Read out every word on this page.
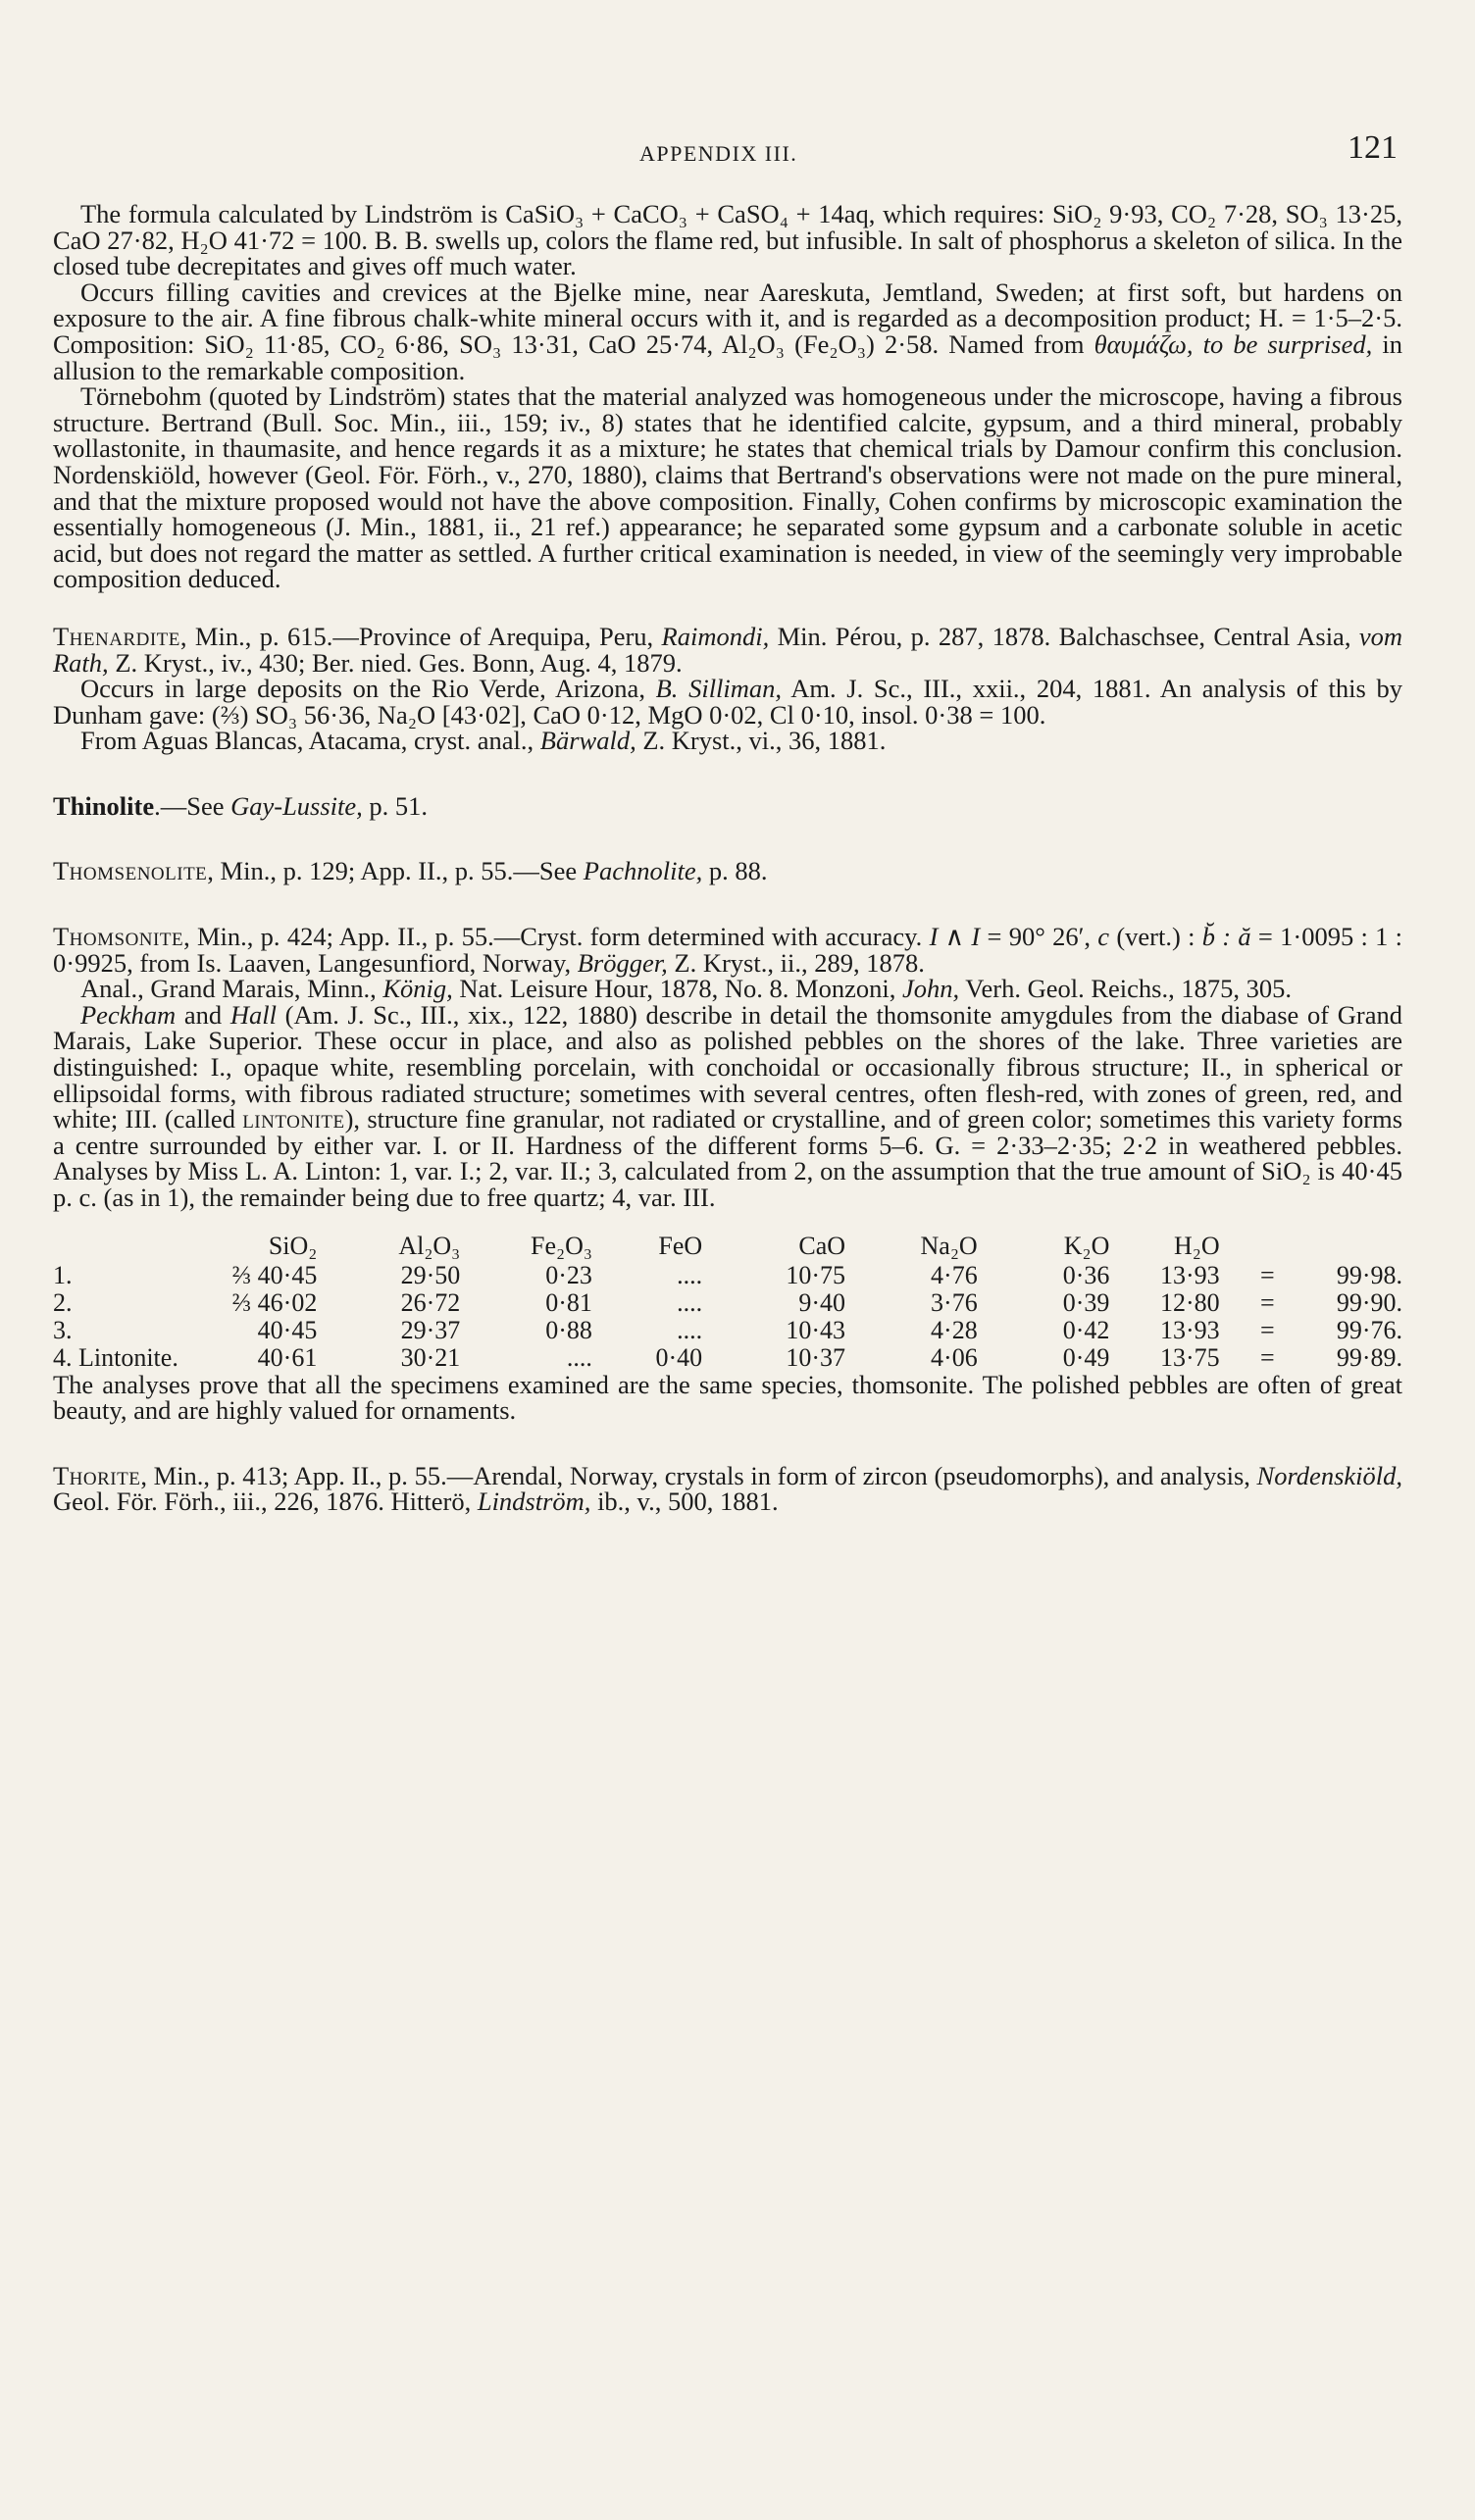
APPENDIX III.	121

The formula calculated by Lindström is CaSiO₃ + CaCO₃ + CaSO₄ + 14aq, which requires: SiO₂ 9·93, CO₂ 7·28, SO₃ 13·25, CaO 27·82, H₂O 41·72 = 100. B. B. swells up, colors the flame red, but infusible. In salt of phosphorus a skeleton of silica. In the closed tube decrepitates and gives off much water.

Occurs filling cavities and crevices at the Bjelke mine, near Aareskuta, Jemtland, Sweden; at first soft, but hardens on exposure to the air. A fine fibrous chalk-white mineral occurs with it, and is regarded as a decomposition product; H. = 1·5–2·5. Composition: SiO₂ 11·85, CO₂ 6·86, SO₃ 13·31, CaO 25·74, Al₂O₃ (Fe₂O₃) 2·58. Named from θαυμάζω, to be surprised, in allusion to the remarkable composition.

Törnebohm (quoted by Lindström) states that the material analyzed was homogeneous under the microscope, having a fibrous structure. Bertrand (Bull. Soc. Min., iii., 159; iv., 8) states that he identified calcite, gypsum, and a third mineral, probably wollastonite, in thaumasite, and hence regards it as a mixture; he states that chemical trials by Damour confirm this conclusion. Nordenskiöld, however (Geol. För. Förh., v., 270, 1880), claims that Bertrand's observations were not made on the pure mineral, and that the mixture proposed would not have the above composition. Finally, Cohen confirms by microscopic examination the essentially homogeneous (J. Min., 1881, ii., 21 ref.) appearance; he separated some gypsum and a carbonate soluble in acetic acid, but does not regard the matter as settled. A further critical examination is needed, in view of the seemingly very improbable composition deduced.

Thenardite, Min., p. 615.—Province of Arequipa, Peru, Raimondi, Min. Pérou, p. 287, 1878. Balchaschsee, Central Asia, vom Rath, Z. Kryst., iv., 430; Ber. nied. Ges. Bonn, Aug. 4, 1879.

Occurs in large deposits on the Rio Verde, Arizona, B. Silliman, Am. J. Sc., III., xxii., 204, 1881. An analysis of this by Dunham gave: (⅔) SO₃ 56·36, Na₂O [43·02], CaO 0·12, MgO 0·02, Cl 0·10, insol. 0·38 = 100.

From Aguas Blancas, Atacama, cryst. anal., Bärwald, Z. Kryst., vi., 36, 1881.

Thinolite.—See Gay-Lussite, p. 51.

Thomsenolite, Min., p. 129; App. II., p. 55.—See Pachnolite, p. 88.

Thomsonite, Min., p. 424; App. II., p. 55.—Cryst. form determined with accuracy. I ∧ I = 90° 26′, c (vert.) : b̆ : ă = 1·0095 : 1 : 0·9925, from Is. Laaven, Langesunfiord, Norway, Brögger, Z. Kryst., ii., 289, 1878.

Anal., Grand Marais, Minn., König, Nat. Leisure Hour, 1878, No. 8. Monzoni, John, Verh. Geol. Reichs., 1875, 305.

Peckham and Hall (Am. J. Sc., III., xix., 122, 1880) describe in detail the thomsonite amygdules from the diabase of Grand Marais, Lake Superior. These occur in place, and also as polished pebbles on the shores of the lake. Three varieties are distinguished: I., opaque white, resembling porcelain, with conchoidal or occasionally fibrous structure; II., in spherical or ellipsoidal forms, with fibrous radiated structure; sometimes with several centres, often flesh-red, with zones of green, red, and white; III. (called lintonite), structure fine granular, not radiated or crystalline, and of green color; sometimes this variety forms a centre surrounded by either var. I. or II. Hardness of the different forms 5–6. G. = 2·33–2·35; 2·2 in weathered pebbles. Analyses by Miss L. A. Linton: 1, var. I.; 2, var. II.; 3, calculated from 2, on the assumption that the true amount of SiO₂ is 40·45 p. c. (as in 1), the remainder being due to free quartz; 4, var. III.

	SiO₂	Al₂O₃	Fe₂O₃	FeO	CaO	Na₂O	K₂O	H₂O		
1.	⅔ 40·45	29·50	0·23	....	10·75	4·76	0·36	13·93	=	99·98.
2.	⅔ 46·02	26·72	0·81	....	9·40	3·76	0·39	12·80	=	99·90.
3.	40·45	29·37	0·88	....	10·43	4·28	0·42	13·93	=	99·76.
4. Lintonite.	40·61	30·21	....	0·40	10·37	4·06	0·49	13·75	=	99·89.

The analyses prove that all the specimens examined are the same species, thomsonite. The polished pebbles are often of great beauty, and are highly valued for ornaments.

Thorite, Min., p. 413; App. II., p. 55.—Arendal, Norway, crystals in form of zircon (pseudomorphs), and analysis, Nordenskiöld, Geol. För. Förh., iii., 226, 1876. Hitterö, Lindström, ib., v., 500, 1881.
